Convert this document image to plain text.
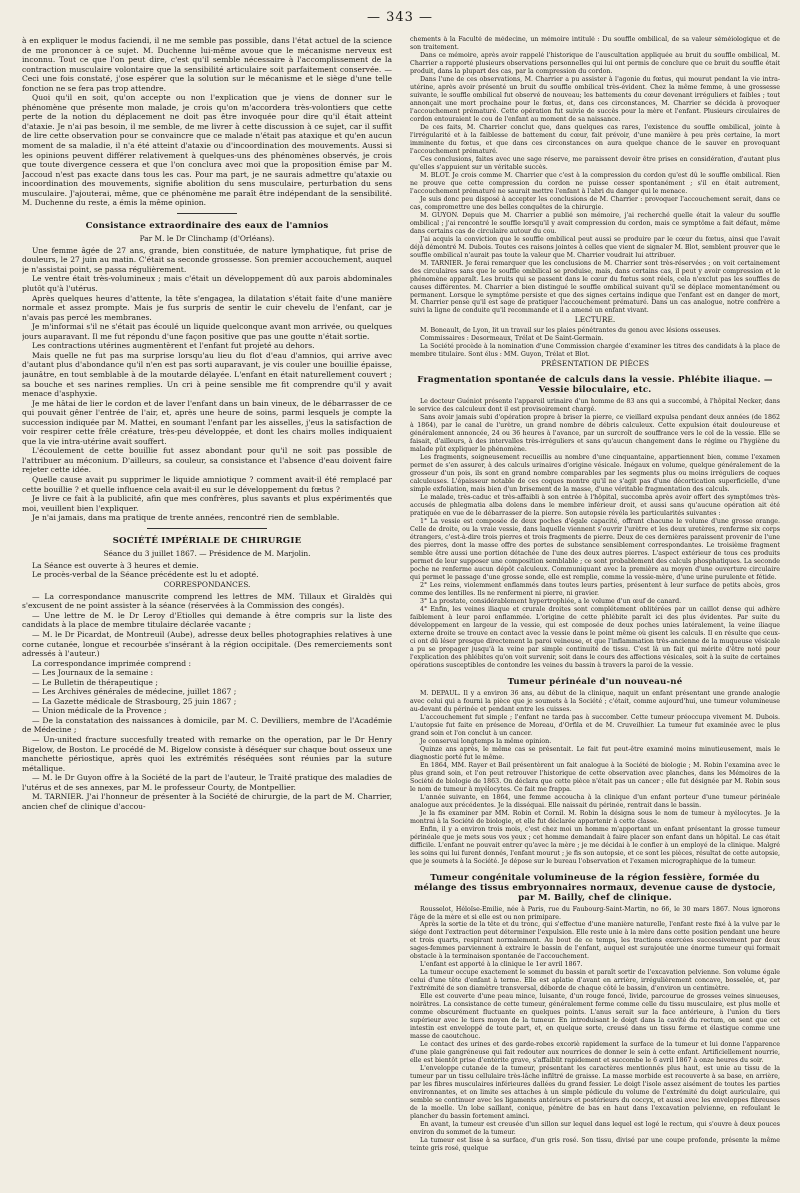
— 343 —

à en expliquer le modus faciendi, il ne me semble pas possible, dans l'état actuel de la science de me prononcer à ce sujet. M. Duchenne lui-même avoue que le mécanisme nerveux est inconnu. Tout ce que l'on peut dire, c'est qu'il semble nécessaire à l'accomplissement de la contraction musculaire volontaire que la sensibilité articulaire soit parfaitement conservée. — Ceci une fois constaté, j'ose espérer que la solution sur le mécanisme et le siège d'une telle fonction ne se fera pas trop attendre.

Quoi qu'il en soit, qu'on accepte ou non l'explication que je viens de donner sur le phénomène que présente mon malade, je crois qu'on m'accordera très-volontiers que cette perte de la notion du déplacement ne doit pas être invoquée pour dire qu'il était atteint d'ataxie. Je n'ai pas besoin, il me semble, de me livrer à cette discussion à ce sujet, car il suffit de lire cette observation pour se convaincre que ce malade n'était pas ataxique et qu'en aucun moment de sa maladie, il n'a été atteint d'ataxie ou d'incoordination des mouvements. Aussi si les opinions peuvent différer relativement à quelques-uns des phénomènes observés, je crois que toute divergence cessera et que l'on conclura avec moi que la proposition émise par M. Jaccoud n'est pas exacte dans tous les cas. Pour ma part, je ne saurais admettre qu'ataxie ou incoordination des mouvements, signifie abolition du sens musculaire, perturbation du sens musculaire. J'ajouterai, même, que ce phénomène me paraît être indépendant de la sensibilité. M. Duchenne du reste, a émis la même opinion.

Consistance extraordinaire des eaux de l'amnios
Par M. le Dr Clinchamp (d'Orléans).

Une femme âgée de 27 ans, grande, bien constituée, de nature lymphatique, fut prise de douleurs, le 27 juin au matin. C'était sa seconde grossesse. Son premier accouchement, auquel je n'assistai point, se passa régulièrement.

Le ventre était très-volumineux ; mais c'était un développement dû aux parois abdominales plutôt qu'à l'utérus.

Après quelques heures d'attente, la tête s'engagea, la dilatation s'était faite d'une manière normale et assez prompte. Mais je fus surpris de sentir le cuir chevelu de l'enfant, car je n'avais pas percé les membranes.

Je m'informai s'il ne s'était pas écoulé un liquide quelconque avant mon arrivée, ou quelques jours auparavant. Il me fut répondu d'une façon positive que pas une goutte n'était sortie.

Les contractions utérines augmentèrent et l'enfant fut projeté au dehors.

Mais quelle ne fut pas ma surprise lorsqu'au lieu du flot d'eau d'amnios, qui arrive avec d'autant plus d'abondance qu'il n'en est pas sorti auparavant, je vis couler une bouillie épaisse, jaunâtre, en tout semblable à de la moutarde délayée. L'enfant en était naturellement couvert ; sa bouche et ses narines remplies. Un cri à peine sensible me fit comprendre qu'il y avait menace d'asphyxie.

Je me hâtai de lier le cordon et de laver l'enfant dans un bain vineux, de le débarrasser de ce qui pouvait gêner l'entrée de l'air, et, après une heure de soins, parmi lesquels je compte la succession indiquée par M. Mattei, en soumant l'enfant par les aisselles, j'eus la satisfaction de voir respirer cette frêle créature, très-peu développée, et dont les chairs molles indiquaient que la vie intra-utérine avait souffert.

L'écoulement de cette bouillie fut assez abondant pour qu'il ne soit pas possible de l'attribuer au méconium. D'ailleurs, sa couleur, sa consistance et l'absence d'eau doivent faire rejeter cette idée.

Quelle cause avait pu supprimer le liquide amniotique ? comment avait-il été remplacé par cette bouillie ? et quelle influence cela avait-il eu sur le développement du fœtus ?

Je livre ce fait à la publicité, afin que mes confrères, plus savants et plus expérimentés que moi, veuillent bien l'expliquer.

Je n'ai jamais, dans ma pratique de trente années, rencontré rien de semblable.

SOCIÉTÉ IMPÉRIALE DE CHIRURGIE
Séance du 3 juillet 1867. — Présidence de M. Marjolin.

La Séance est ouverte à 3 heures et demie.

Le procès-verbal de la Séance précédente est lu et adopté.

CORRESPONDANCES.

— La correspondance manuscrite comprend les lettres de MM. Tillaux et Giraldès qui s'excusent de ne point assister à la séance (réservées à la Commission des congés).

— Une lettre de M. le Dr Leroy d'Etiolles qui demande à être compris sur la liste des candidats à la place de membre titulaire déclarée vacante ;

— M. le Dr Picardat, de Montreuil (Aube), adresse deux belles photographies relatives à une corne cutanée, longue et recourbée s'insérant à la région occipitale. (Des remerciements sont adressés à l'auteur.)

La correspondance imprimée comprend :

— Les Journaux de la semaine :

— Le Bulletin de thérapeutique ;

— Les Archives générales de médecine, juillet 1867 ;

— La Gazette médicale de Strasbourg, 25 juin 1867 ;

— Union médicale de la Provence ;

— De la constatation des naissances à domicile, par M. C. Devilliers, membre de l'Académie de Médecine ;

— Un-united fracture succesfully treated with remarke on the operation, par le Dr Henry Bigelow, de Boston. Le procédé de M. Bigelow consiste à déséquer sur chaque bout osseux une manchette périostique, après quoi les extrémités réséquées sont réunies par la suture métallique.

— M. le Dr Guyon offre à la Société de la part de l'auteur, le Traité pratique des maladies de l'utérus et de ses annexes, par M. le professeur Courty, de Montpellier.

M. TARNIER. J'ai l'honneur de présenter à la Société de chirurgie, de la part de M. Charrier, ancien chef de clinique d'accou-

chements à la Faculté de médecine, un mémoire intitulé : Du souffle ombilical, de sa valeur séméiologique et de son traitement.

Dans ce mémoire, après avoir rappelé l'historique de l'auscultation appliquée au bruit du souffle ombilical, M. Charrier a rapporté plusieurs observations personnelles qui lui ont permis de conclure que ce bruit du souffle était produit, dans la plupart des cas, par la compression du cordon.

Dans l'une de ces observations, M. Charrier a pu assister à l'agonie du fœtus, qui mourut pendant la vie intra-utérine, après avoir présenté un bruit du souffle ombilical très-évident. Chez la même femme, à une grossesse suivante, le souffle ombilical fut observé de nouveau; les battements du cœur devenant irréguliers et faibles ; tout annonçait une mort prochaine pour le fœtus, et, dans ces circonstances, M. Charrier se décida à provoquer l'accouchement prématuré. Cette opération fut suivie de succès pour la mère et l'enfant. Plusieurs circulaires de cordon entouraient le cou de l'enfant au moment de sa naissance.

De ces faits, M. Charrier conclut que, dans quelques cas rares, l'existence du souffle ombilical, jointe à l'irrégularité et à la faiblesse de battement du cœur, fait prévoir, d'une manière à peu près certaine, la mort imminente du fœtus, et que dans ces circonstances on aura quelque chance de le sauver en provoquant l'accouchement prématuré.

Ces conclusions, faites avec une sage réserve, me paraissent devoir être prises en considération, d'autant plus qu'elles s'appuient sur un véritable succès.

M. BLOT. Je crois comme M. Charrier que c'est à la compression du cordon qu'est dû le souffle ombilical. Rien ne prouve que cette compression du cordon ne puisse cesser spontanément ; s'il en était autrement, l'accouchement prématuré ne saurait mettre l'enfant à l'abri du danger qui le menace.

Je suis donc peu disposé à accepter les conclusions de M. Charrier : provoquer l'accouchement serait, dans ce cas, compromettre une des belles conquêtes de la chirurgie.

M. GUYON. Depuis que M. Charrier a publié son mémoire, j'ai recherché quelle était la valeur du souffle ombilical ; j'ai rencontré le souffle lorsqu'il y avait compression du cordon, mais ce symptôme a fait défaut, même dans certains cas de circulaire autour du cou.

J'ai acquis la conviction que le souffle ombilical peut aussi se produire par le cœur du fœtus, ainsi que l'avait déjà démontré M. Dubois. Toutes ces raisons jointes à celles que vient de signaler M. Blot, semblent prouver que le souffle ombilical n'aurait pas toute la valeur que M. Charrier voudrait lui attribuer.

M. TARNIER. Je ferai remarquer que les conclusions de M. Charrier sont très-réservées ; on voit certainement des circulaires sans que le souffle ombilical se produise, mais, dans certains cas, il peut y avoir compression et le phénomène apparaît. Les bruits qui se passent dans le cœur du fœtus sont réels, cela n'exclut pas les souffles de causes différentes. M. Charrier a bien distingué le souffle ombilical suivant qu'il se déplace momentanément ou permanent. Lorsque le symptôme persiste et que des signes certains indique que l'enfant est en danger de mort, M. Charrier pense qu'il est sage de pratiquer l'accouchement prématuré. Dans un cas analogue, notre confrère a suivi la ligne de conduite qu'il recommande et il a amené un enfant vivant.

LECTURE.

M. Boneault, de Lyon, lit un travail sur les plaies pénétrantes du genou avec lésions osseuses.

Commissaires : Desormeaux, Trélat et De Saint-Germain.

La Société procède à la nomination d'une Commission chargée d'examiner les titres des candidats à la place de membre titulaire. Sont élus : MM. Guyon, Trélat et Blot.

PRÉSENTATION DE PIÈCES
Fragmentation spontanée de calculs dans la vessie. Phlébite iliaque. — Vessie biloculaire, etc.

Le docteur Guéniot présente l'appareil urinaire d'un homme de 83 ans qui a succombé, à l'hôpital Necker, dans le service des calculeux dont il est provisoirement chargé.

Sans avoir jamais subi d'opération propre à briser la pierre, ce vieillard expulsa pendant deux années (de 1862 à 1864), par le canal de l'urètre, un grand nombre de débris calculeux. Cette expulsion était douloureuse et généralement annoncée, 24 ou 36 heures à l'avance, par un surcroît de souffrance vers le col de la vessie. Elle se faisait, d'ailleurs, à des intervalles très-irréguliers et sans qu'aucun changement dans le régime ou l'hygiène du malade pût expliquer le phénomène.

Les fragments, soigneusement recueillis au nombre d'une cinquantaine, appartiennent bien, comme l'examen permet de s'en assurer, à des calculs urinaires d'origine vésicale. Inégaux en volume, quelque généralement de la grosseur d'un pois, ils sont en grand nombre comparables par les segments plus ou moins irréguliers de coques calculeuses. L'épaisseur notable de ces coques montre qu'il ne s'agit pas d'une décortication superficielle, d'une simple exfoliation, mais bien d'un brisement de la masse, d'une véritable fragmentation des calculs.

Le malade, très-caduc et très-affaibli à son entrée à l'hôpital, succomba après avoir offert des symptômes très-accusés de phlegmatia alba dolens dans le membre inférieur droit, et aussi sans qu'aucune opération ait été pratiquée en vue de le débarrasser de la pierre. Son autopsie révéla les particularités suivantes :

1° La vessie est composée de deux poches d'égale capacité, offrant chacune le volume d'une grosse orange. Celle de droite, ou la vraie vessie, dans laquelle viennent s'ouvrir l'urètre et les deux uretères, renferme six corps étrangers, c'est-à-dire trois pierres et trois fragments de pierre. Deux de ces dernières paraissent provenir de l'une des pierres, dont la masse offre des portes de substance sensiblement correspondantes. Le troisième fragment semble être aussi une portion détachée de l'une des deux autres pierres. L'aspect extérieur de tous ces produits permet de leur supposer une composition semblable ; ce sont probablement des calculs phosphatiques. La seconde poche ne renferme aucun dépôt calculeux. Communiquant avec la première au moyen d'une ouverture circulaire qui permet le passage d'une grosse sonde, elle est remplie, comme la vessie-mère, d'une urine purulente et fétide.

2° Les reins, violemment enflammés dans toutes leurs parties, présentent à leur surface de petits abcès, gros comme des lentilles. Ils ne renferment ni pierre, ni gravier.

3° La prostate, considérablement hypertrophiée, a le volume d'un œuf de canard.

4° Enfin, les veines iliaque et crurale droites sont complétement oblitérées par un caillot dense qui adhère faiblement à leur paroi enflammée. L'origine de cette phlébite paraît ici des plus évidentes. Par suite du développement en largeur de la vessie, qui est composée de deux poches unies latéralement, la veine iliaque externe droite se trouve en contact avec la vessie dans le point même où gisent les calculs. Il en résulte que ceux-ci ont dû léser presque directement la paroi veineuse, et que l'inflammation très-ancienne de la muqueuse vésicale a pu se propager jusqu'à la veine par simple continuité de tissu. C'est là un fait qui mérite d'être noté pour l'explication des phlébites qu'on voit survenir, soit dans le cours des affections vésicales, soit à la suite de certaines opérations susceptibles de contondre les veines du bassin à travers la paroi de la vessie.

Tumeur périnéale d'un nouveau-né

M. DEPAUL. Il y a environ 36 ans, au début de la clinique, naquit un enfant présentant une grande analogie avec celui qui a fourni la pièce que je soumets à la Société ; c'était, comme aujourd'hui, une tumeur volumineuse au-devant du périnée et pendant entre les cuisses.

L'accouchement fut simple ; l'enfant ne tarda pas à succomber. Cette tumeur préoccupa vivement M. Dubois. L'autopsie fut faite en présence de Moreau, d'Orfila et de M. Cruveilhier. La tumeur fut examinée avec le plus grand soin et l'on conclut à un cancer.

Je conservai longtemps la même opinion.

Quinze ans après, le même cas se présentait. Le fait fut peut-être examiné moins minutieusement, mais le diagnostic porté fut le même.

En 1864, MM. Rayer et Bail présentèrent un fait analogue à la Société de biologie ; M. Robin l'examina avec le plus grand soin, et l'on peut retrouver l'historique de cette observation avec planches, dans les Mémoires de la Société de biologie de 1863. On déclara que cette pièce n'était pas un cancer ; elle fut désignée par M. Robin sous le nom de tumeur à myélocytes. Ce fait me frappa.

L'année suivante, en 1864, une femme accoucha à la clinique d'un enfant porteur d'une tumeur périnéale analogue aux précédentes. Je la disséquai. Elle naissait du périnée, rentrait dans le bassin.

Je la fis examiner par MM. Robin et Cornil. M. Robin la désigna sous le nom de tumeur à myélocytes. Je la montrai à la Société de biologie, et elle fut déclarée appartenir à cette classe.

Enfin, il y a environ trois mois, c'est chez moi un homme m'apportant un enfant présentant la grosse tumeur périnéale que je mets sous vos yeux ; cet homme demandait à faire placer son enfant dans un hôpital. Le cas était difficile. L'enfant ne pouvait entrer qu'avec la mère ; je me décidai à le confier à un employé de la clinique. Malgré les soins qui lui furent donnés, l'enfant mourut ; je fis son autopsie, et ce sont les pièces, résultat de cette autopsie, que je soumets à la Société. Je dépose sur le bureau l'observation et l'examen micrographique de la tumeur.

Tumeur congénitale volumineuse de la région fessière, formée du mélange des tissus embryonnaires normaux, devenue cause de dystocie, par M. Bailly, chef de clinique.

Rousselot, Héloïse-Emilie, née à Paris, rue du Faubourg-Saint-Martin, no 66, le 30 mars 1867. Nous ignorons l'âge de la mère et si elle est ou non primipare.

Après la sortie de la tête et du tronc, qui s'effectue d'une manière naturelle, l'enfant reste fixé à la vulve par le siége dont l'extraction peut déterminer l'expulsion. Elle reste unie à la mère dans cette position pendant une heure et trois quarts, respirant normalement. Au bout de ce temps, les tractions exercées successivement par deux sages-femmes parviennent à extraire le bassin de l'enfant, auquel est surajoutée une énorme tumeur qui formait obstacle à la terminaison spontanée de l'accouchement.

L'enfant est apporté à la clinique le 1er avril 1867.

La tumeur occupe exactement le sommet du bassin et paraît sortir de l'excavation pelvienne. Son volume égale celui d'une tête d'enfant à terme. Elle est aplatie d'avant en arrière, irrégulièrement concave, bosselée, et, par l'extrémité de son diamètre transversal, déborde de chaque côté le bassin, d'environ un centimètre.

Elle est couverte d'une peau mince, luisante, d'un rouge foncé, livide, parcourue de grosses veines sinueuses, noirâtres. La consistance de cette tumeur, généralement ferme comme celle du tissu musculaire, est plus molle et comme obscurément fluctuante en quelques points. L'anus serait sur la face antérieure, à l'union du tiers supérieur avec le tiers moyen de la tumeur. En introduisant le doigt dans la cavité du rectum, on sent que cet intestin est enveloppé de toute part, et, en quelque sorte, creusé dans un tissu ferme et élastique comme une masse de caoutchouc.

Le contact des urines et des garde-robes excoriè rapidement la surface de la tumeur et lui donne l'apparence d'une plaie gangréneuse qui fait redouter aux nourrices de donner le sein à cette enfant. Artificiellement nourrie, elle est bientôt prise d'entérite grave, s'affaiblit rapidement et succombe le 6 avril 1867 à onze heures du soir.

L'enveloppe cutanée de la tumeur, présentant les caractères mentionnés plus haut, est unie au tissu de la tumeur par un tissu cellulaire très-lâche infiltré de graisse. La masse morbide est recouverte à sa base, en arrière, par les fibres musculaires inférieures dallées du grand fessier. Le doigt l'isole assez aisément de toutes les parties environnantes, et on limite ses attaches à un simple pédicule du volume de l'extrémité du doigt auriculaire, qui semble se continuer avec les ligaments antérieurs et postérieurs du coccyx, et aussi avec les enveloppes fibreuses de la moelle. Un lobe saillant, conique, pénètre de bas en haut dans l'excavation pelvienne, en refoulant le plancher du bassin fortement aminci.

En avant, la tumeur est creusée d'un sillon sur lequel dans lequel est logé le rectum, qui s'ouvre à deux pouces environ du sommet de la tumeur.

La tumeur est lisse à sa surface, d'un gris rosé. Son tissu, divisé par une coupe profonde, présente la même teinte gris rosé, quelque
